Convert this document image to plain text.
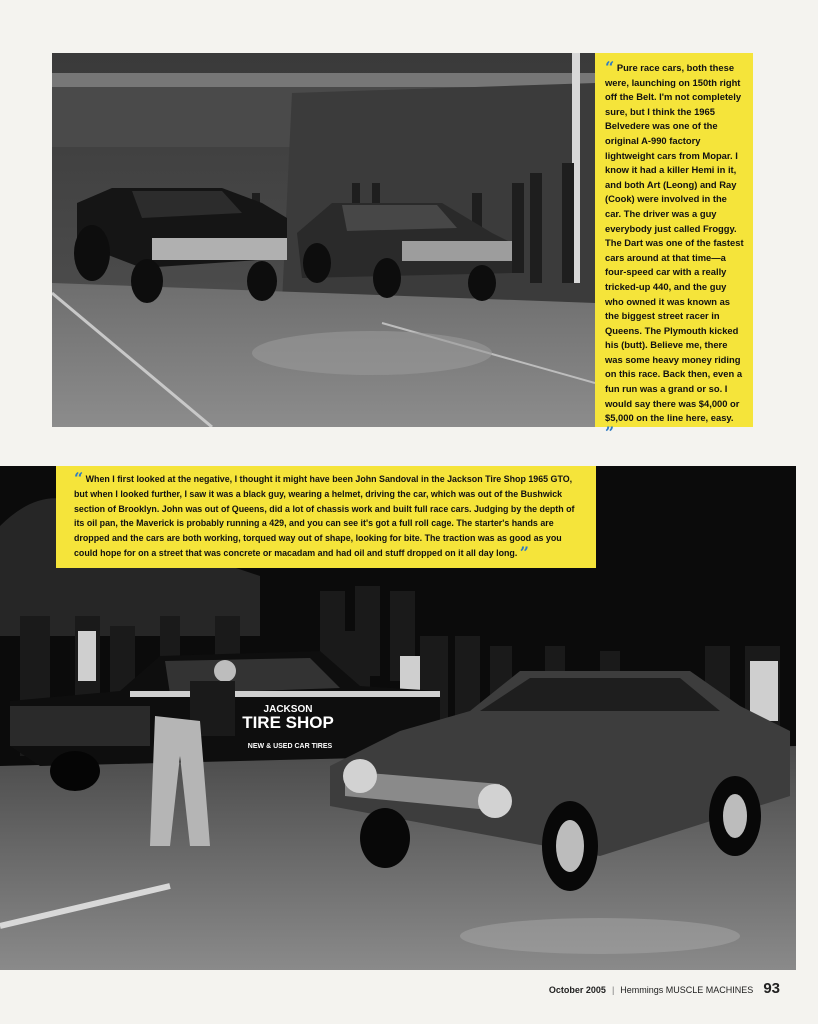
“ Pure race cars, both these were, launching on 150th right off the Belt. I'm not completely sure, but I think the 1965 Belvedere was one of the original A-990 factory lightweight cars from Mopar. I know it had a killer Hemi in it, and both Art (Leong) and Ray (Cook) were involved in the car. The driver was a guy everybody just called Froggy. The Dart was one of the fastest cars around at that time—a four-speed car with a really tricked-up 440, and the guy who owned it was known as the biggest street racer in Queens. The Plymouth kicked his (butt). Believe me, there was some heavy money riding on this race. Back then, even a fun run was a grand or so. I would say there was $4,000 or $5,000 on the line here, easy. ”
JACKSON
TIRE SHOP
NEW & USED CAR TIRES
“ When I first looked at the negative, I thought it might have been John Sandoval in the Jackson Tire Shop 1965 GTO, but when I looked further, I saw it was a black guy, wearing a helmet, driving the car, which was out of the Bushwick section of Brooklyn. John was out of Queens, did a lot of chassis work and built full race cars. Judging by the depth of its oil pan, the Maverick is probably running a 429, and you can see it's got a full roll cage. The starter's hands are dropped and the cars are both working, torqued way out of shape, looking for bite. The traction was as good as you could hope for on a street that was concrete or macadam and had oil and stuff dropped on it all day long. ”
October 2005 | Hemmings MUSCLE MACHINES 93
